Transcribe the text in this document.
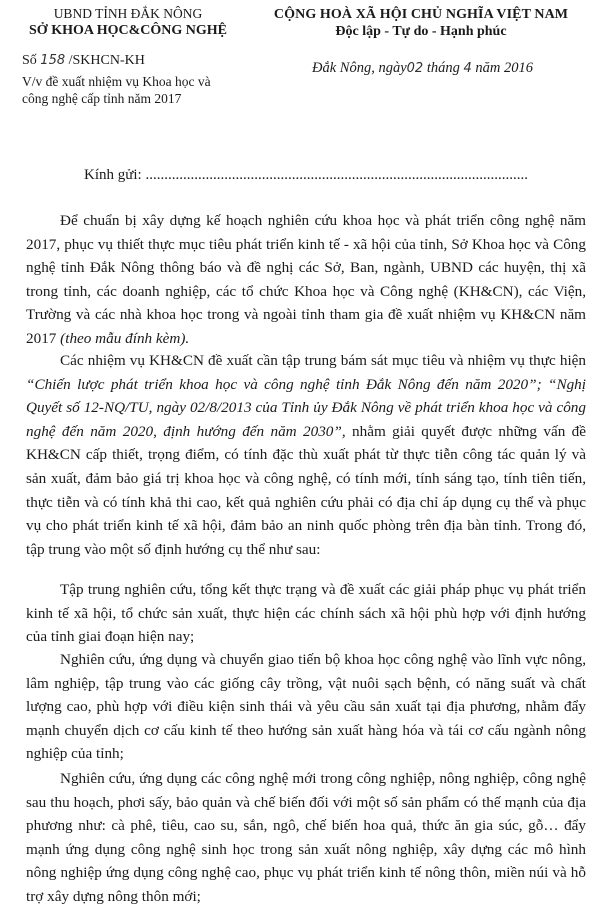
UBND TỈNH ĐẮK NÔNG
SỞ KHOA HỌC&CÔNG NGHỆ
CỘNG HOÀ XÃ HỘI CHỦ NGHĨA VIỆT NAM
Độc lập - Tự do - Hạnh phúc
Số 158 /SKHCN-KH
V/v đề xuất nhiệm vụ Khoa học và
công nghệ cấp tỉnh năm 2017
Đắk Nông, ngày02 tháng 4 năm 2016
Kính gửi: ......................................................................................................
Để chuẩn bị xây dựng kế hoạch nghiên cứu khoa học và phát triển công nghệ năm 2017, phục vụ thiết thực mục tiêu phát triển kinh tế - xã hội của tỉnh, Sở Khoa học và Công nghệ tỉnh Đắk Nông thông báo và đề nghị các Sở, Ban, ngành, UBND các huyện, thị xã trong tỉnh, các doanh nghiệp, các tổ chức Khoa học và Công nghệ (KH&CN), các Viện, Trường và các nhà khoa học trong và ngoài tỉnh tham gia đề xuất nhiệm vụ KH&CN năm 2017 (theo mẫu đính kèm).
Các nhiệm vụ KH&CN đề xuất cần tập trung bám sát mục tiêu và nhiệm vụ thực hiện “Chiến lược phát triển khoa học và công nghệ tỉnh Đắk Nông đến năm 2020”; “Nghị Quyết số 12-NQ/TU, ngày 02/8/2013 của Tỉnh ủy Đắk Nông về phát triển khoa học và công nghệ đến năm 2020, định hướng đến năm 2030”, nhằm giải quyết được những vấn đề KH&CN cấp thiết, trọng điểm, có tính đặc thù xuất phát từ thực tiễn công tác quản lý và sản xuất, đảm bảo giá trị khoa học và công nghệ, có tính mới, tính sáng tạo, tính tiên tiến, thực tiễn và có tính khả thi cao, kết quả nghiên cứu phải có địa chỉ áp dụng cụ thể và phục vụ cho phát triển kinh tế xã hội, đảm bảo an ninh quốc phòng trên địa bàn tỉnh. Trong đó, tập trung vào một số định hướng cụ thể như sau:
Tập trung nghiên cứu, tổng kết thực trạng và đề xuất các giải pháp phục vụ phát triển kinh tế xã hội, tổ chức sản xuất, thực hiện các chính sách xã hội phù hợp với định hướng của tỉnh giai đoạn hiện nay;
Nghiên cứu, ứng dụng và chuyển giao tiến bộ khoa học công nghệ vào lĩnh vực nông, lâm nghiệp, tập trung vào các giống cây trồng, vật nuôi sạch bệnh, có năng suất và chất lượng cao, phù hợp với điều kiện sinh thái và yêu cầu sản xuất tại địa phương, nhằm đẩy mạnh chuyển dịch cơ cấu kinh tế theo hướng sản xuất hàng hóa và tái cơ cấu ngành nông nghiệp của tỉnh;
Nghiên cứu, ứng dụng các công nghệ mới trong công nghiệp, nông nghiệp, công nghệ sau thu hoạch, phơi sấy, bảo quản và chế biến đối với một số sản phẩm có thế mạnh của địa phương như: cà phê, tiêu, cao su, sắn, ngô, chế biến hoa quả, thức ăn gia súc, gỗ… đẩy mạnh ứng dụng công nghệ sinh học trong sản xuất nông nghiệp, xây dựng các mô hình nông nghiệp ứng dụng công nghệ cao, phục vụ phát triển kinh tế nông thôn, miền núi và hỗ trợ xây dựng nông thôn mới;
